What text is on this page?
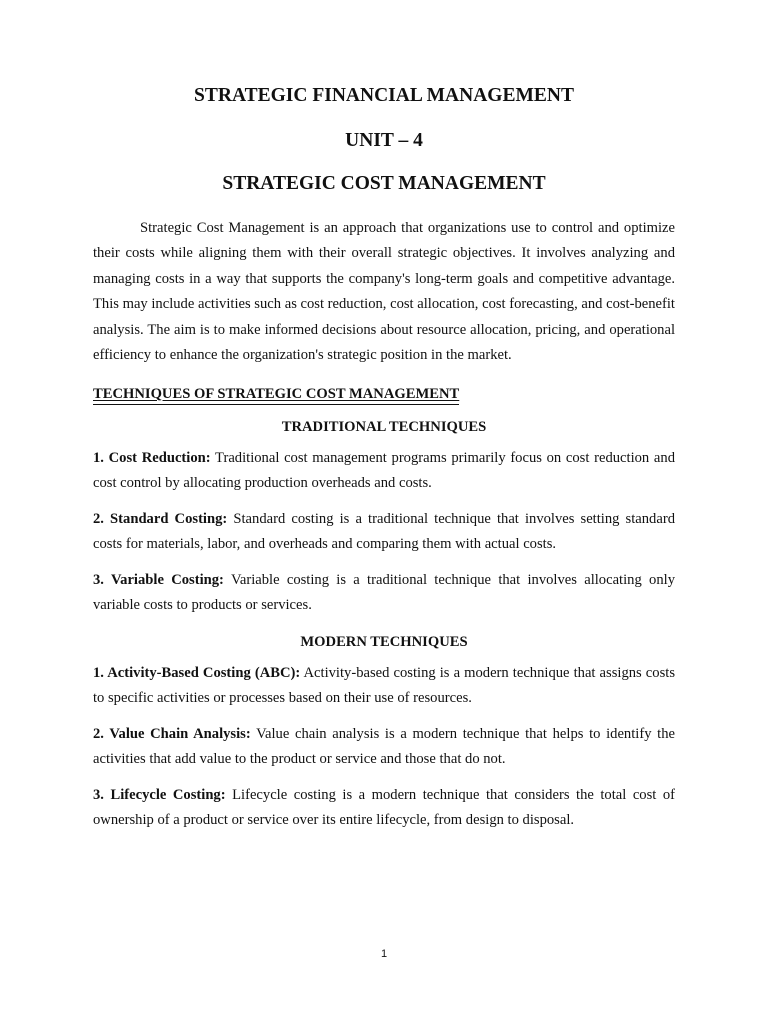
STRATEGIC FINANCIAL MANAGEMENT
UNIT – 4
STRATEGIC COST MANAGEMENT

Strategic Cost Management is an approach that organizations use to control and optimize their costs while aligning them with their overall strategic objectives. It involves analyzing and managing costs in a way that supports the company's long-term goals and competitive advantage. This may include activities such as cost reduction, cost allocation, cost forecasting, and cost-benefit analysis. The aim is to make informed decisions about resource allocation, pricing, and operational efficiency to enhance the organization's strategic position in the market.

TECHNIQUES OF STRATEGIC COST MANAGEMENT
TRADITIONAL TECHNIQUES

1. Cost Reduction: Traditional cost management programs primarily focus on cost reduction and cost control by allocating production overheads and costs.

2. Standard Costing: Standard costing is a traditional technique that involves setting standard costs for materials, labor, and overheads and comparing them with actual costs.

3. Variable Costing: Variable costing is a traditional technique that involves allocating only variable costs to products or services.

MODERN TECHNIQUES

1. Activity-Based Costing (ABC): Activity-based costing is a modern technique that assigns costs to specific activities or processes based on their use of resources.

2. Value Chain Analysis: Value chain analysis is a modern technique that helps to identify the activities that add value to the product or service and those that do not.

3. Lifecycle Costing: Lifecycle costing is a modern technique that considers the total cost of ownership of a product or service over its entire lifecycle, from design to disposal.

1
